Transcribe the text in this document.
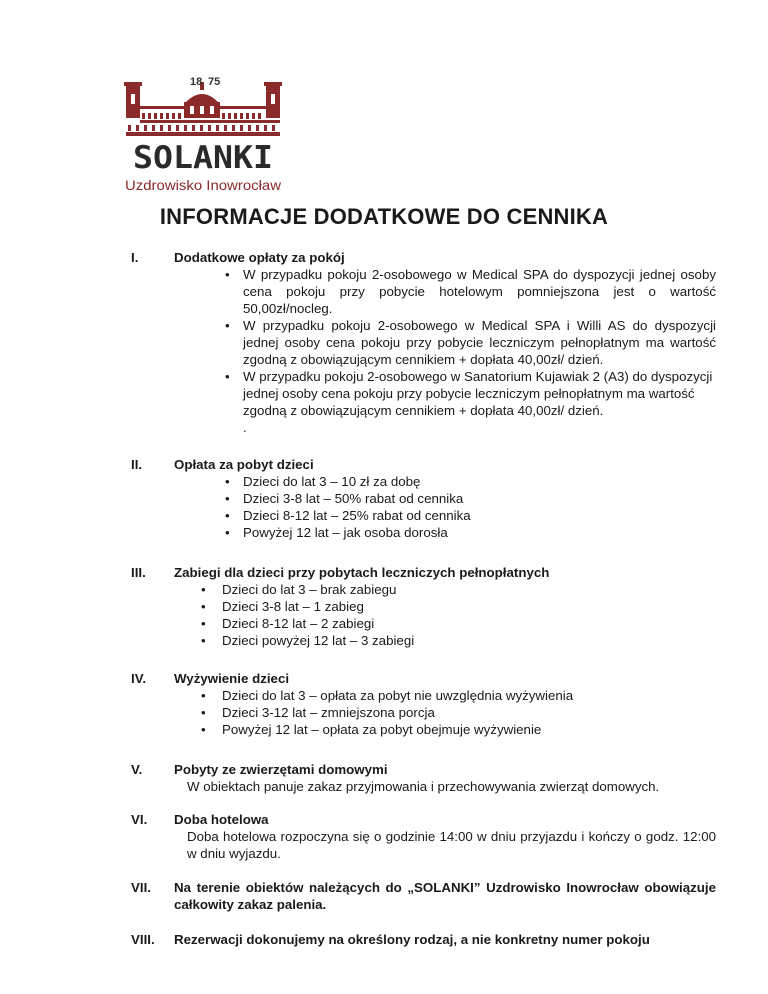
18 75
SOLANKI
Uzdrowisko Inowrocław
INFORMACJE DODATKOWE DO CENNIKA
I.	Dodatkowe opłaty za pokój
• W przypadku pokoju 2-osobowego w Medical SPA do dyspozycji jednej osoby cena pokoju przy pobycie hotelowym pomniejszona jest o wartość 50,00zł/nocleg.
• W przypadku pokoju 2-osobowego w Medical SPA i Willi AS do dyspozycji jednej osoby cena pokoju przy pobycie leczniczym pełnopłatnym ma wartość zgodną z obowiązującym cennikiem + dopłata 40,00zł/ dzień.
• W przypadku pokoju 2-osobowego w Sanatorium Kujawiak 2 (A3) do dyspozycji jednej osoby cena pokoju przy pobycie leczniczym pełnopłatnym ma wartość zgodną z obowiązującym cennikiem + dopłata 40,00zł/ dzień.
.
II. Opłata za pobyt dzieci
• Dzieci do lat 3 – 10 zł za dobę
• Dzieci 3-8 lat – 50% rabat od cennika
• Dzieci 8-12 lat – 25% rabat od cennika
• Powyżej 12 lat – jak osoba dorosła
III. Zabiegi dla dzieci przy pobytach leczniczych pełnopłatnych
• Dzieci do lat 3 – brak zabiegu
• Dzieci 3-8 lat – 1 zabieg
• Dzieci 8-12 lat – 2 zabiegi
• Dzieci powyżej 12 lat – 3 zabiegi
IV. Wyżywienie dzieci
• Dzieci do lat 3 – opłata za pobyt nie uwzględnia wyżywienia
• Dzieci 3-12 lat – zmniejszona porcja
• Powyżej 12 lat – opłata za pobyt obejmuje wyżywienie
V. Pobyty ze zwierzętami domowymi
W obiektach panuje zakaz przyjmowania i przechowywania zwierząt domowych.
VI. Doba hotelowa
Doba hotelowa rozpoczyna się o godzinie 14:00 w dniu przyjazdu i kończy o godz. 12:00 w dniu wyjazdu.
VII. Na terenie obiektów należących do „SOLANKI” Uzdrowisko Inowrocław obowiązuje całkowity zakaz palenia.
VIII. Rezerwacji dokonujemy na określony rodzaj, a nie konkretny numer pokoju
